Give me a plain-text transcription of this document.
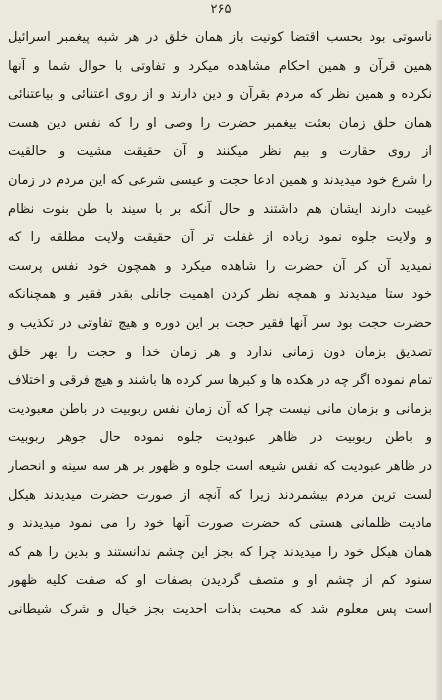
۲۶۵
ناسوتی بود بحسب اقتضا کونیت باز همان خلق در هر شبه پیغمبر اسرائیل
همین قرآن و همین احکام مشاهده میکرد و تفاوتی با حوال شما و آنها
نکرده و همین نظر که مردم بقرآن و دین دارند و از روی اعتنائی و بیاعتنائی
همان حلق زمان بعثت بیغمبر حضرت را وصی او را که نفس دین هست
از روی حقارت و بیم نظر میکنند و آن حقیقت مشیت و حالقیت
را شرع خود میدیدند و همین ادعا حجت و عیسی شرعی که این مردم در زمان
غیبت دارند ایشان هم داشتند و حال آنکه بر با سیند با طن بنوت نظام
و ولایت جلوه نمود زیاده از غفلت تر آن حقیقت ولایت مطلقه را که
نمیدید آن کر آن حضرت را شاهده میکرد و همچون خود نفس پرست
خود ستا میدیدند و همچه نظر کردن اهمیت جانلی بقدر فقیر و همچنانکه
حضرت حجت بود سر آنها فقیر حجت بر این دوره و هیچ تفاوتی در تکذیب و
تصدیق بزمان دون زمانی ندارد و هر زمان خدا و حجت را بهر خلق
تمام نموده اگر چه در هکده ها و کبرها سر کرده ها باشند و هیچ فرقی و اختلاف
بزمانی و بزمان مانی نیست چرا که آن زمان نفس ربوبیت در باطن معبودیت
و باطن ربوبیت در ظاهر عبودیت جلوه نموده حال جوهر ربوبیت
در ظاهر عبودیت که نفس شیعه است جلوه و ظهور بر هر سه سینه و انحصار
لست ترین مردم بیشمردند زیرا که آنچه از صورت حضرت میدیدند هیکل
مادیت ظلمانی هستی که حضرت صورت آنها خود را می نمود میدیدند و
همان هیکل خود را میدیدند چرا که بجز این چشم ندانستند و بدین را هم که
سنود کم از چشم او و متصف گردیدن بصفات او که صفت کلیه ظهور
است پس معلوم شد که محبت بذات احدیت بجز خیال و شرک شیطانی
